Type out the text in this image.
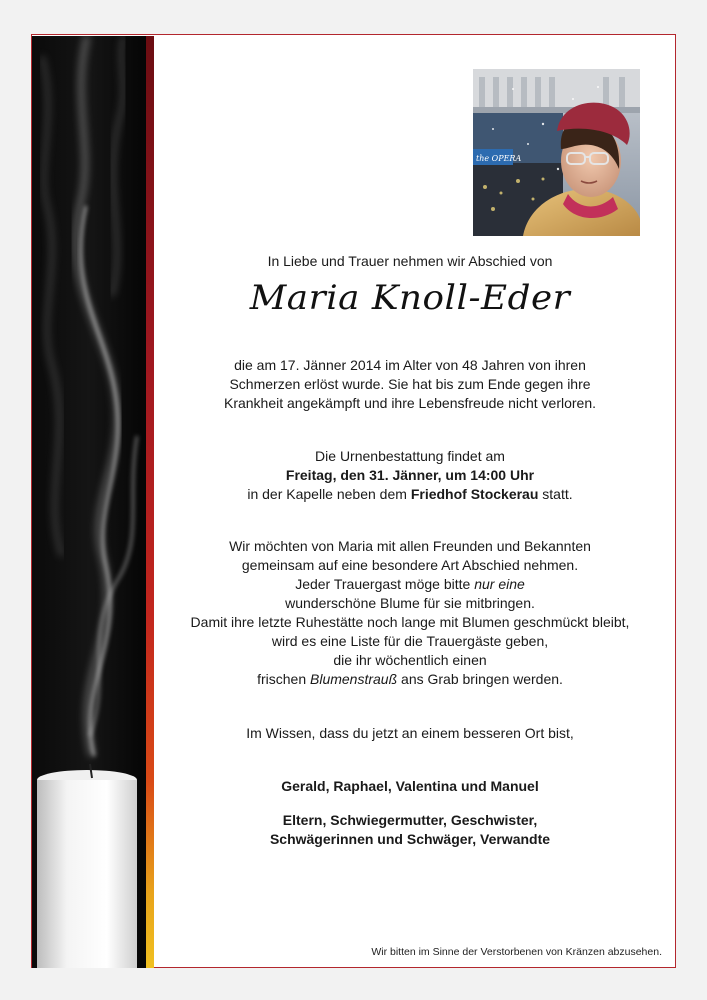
the OPERA

In Liebe und Trauer nehmen wir Abschied von

Maria Knoll-Eder

die am 17. Jänner 2014 im Alter von 48 Jahren von ihren

Schmerzen erlöst wurde. Sie hat bis zum Ende gegen ihre

Krankheit angekämpft und ihre Lebensfreude nicht verloren.

Die Urnenbestattung findet am

Freitag, den 31. Jänner, um 14:00 Uhr

in der Kapelle neben dem Friedhof Stockerau statt.

Wir möchten von Maria mit allen Freunden und Bekannten

gemeinsam auf eine besondere Art Abschied nehmen.

Jeder Trauergast möge bitte nur eine

wunderschöne Blume für sie mitbringen.

Damit ihre letzte Ruhestätte noch lange mit Blumen geschmückt bleibt,

wird es eine Liste für die Trauergäste geben,

die ihr wöchentlich einen

frischen Blumenstrauß ans Grab bringen werden.

Im Wissen, dass du jetzt an einem besseren Ort bist,

Gerald, Raphael, Valentina und Manuel

Eltern, Schwiegermutter, Geschwister,

Schwägerinnen und Schwäger, Verwandte

Wir bitten im Sinne der Verstorbenen von Kränzen abzusehen.
